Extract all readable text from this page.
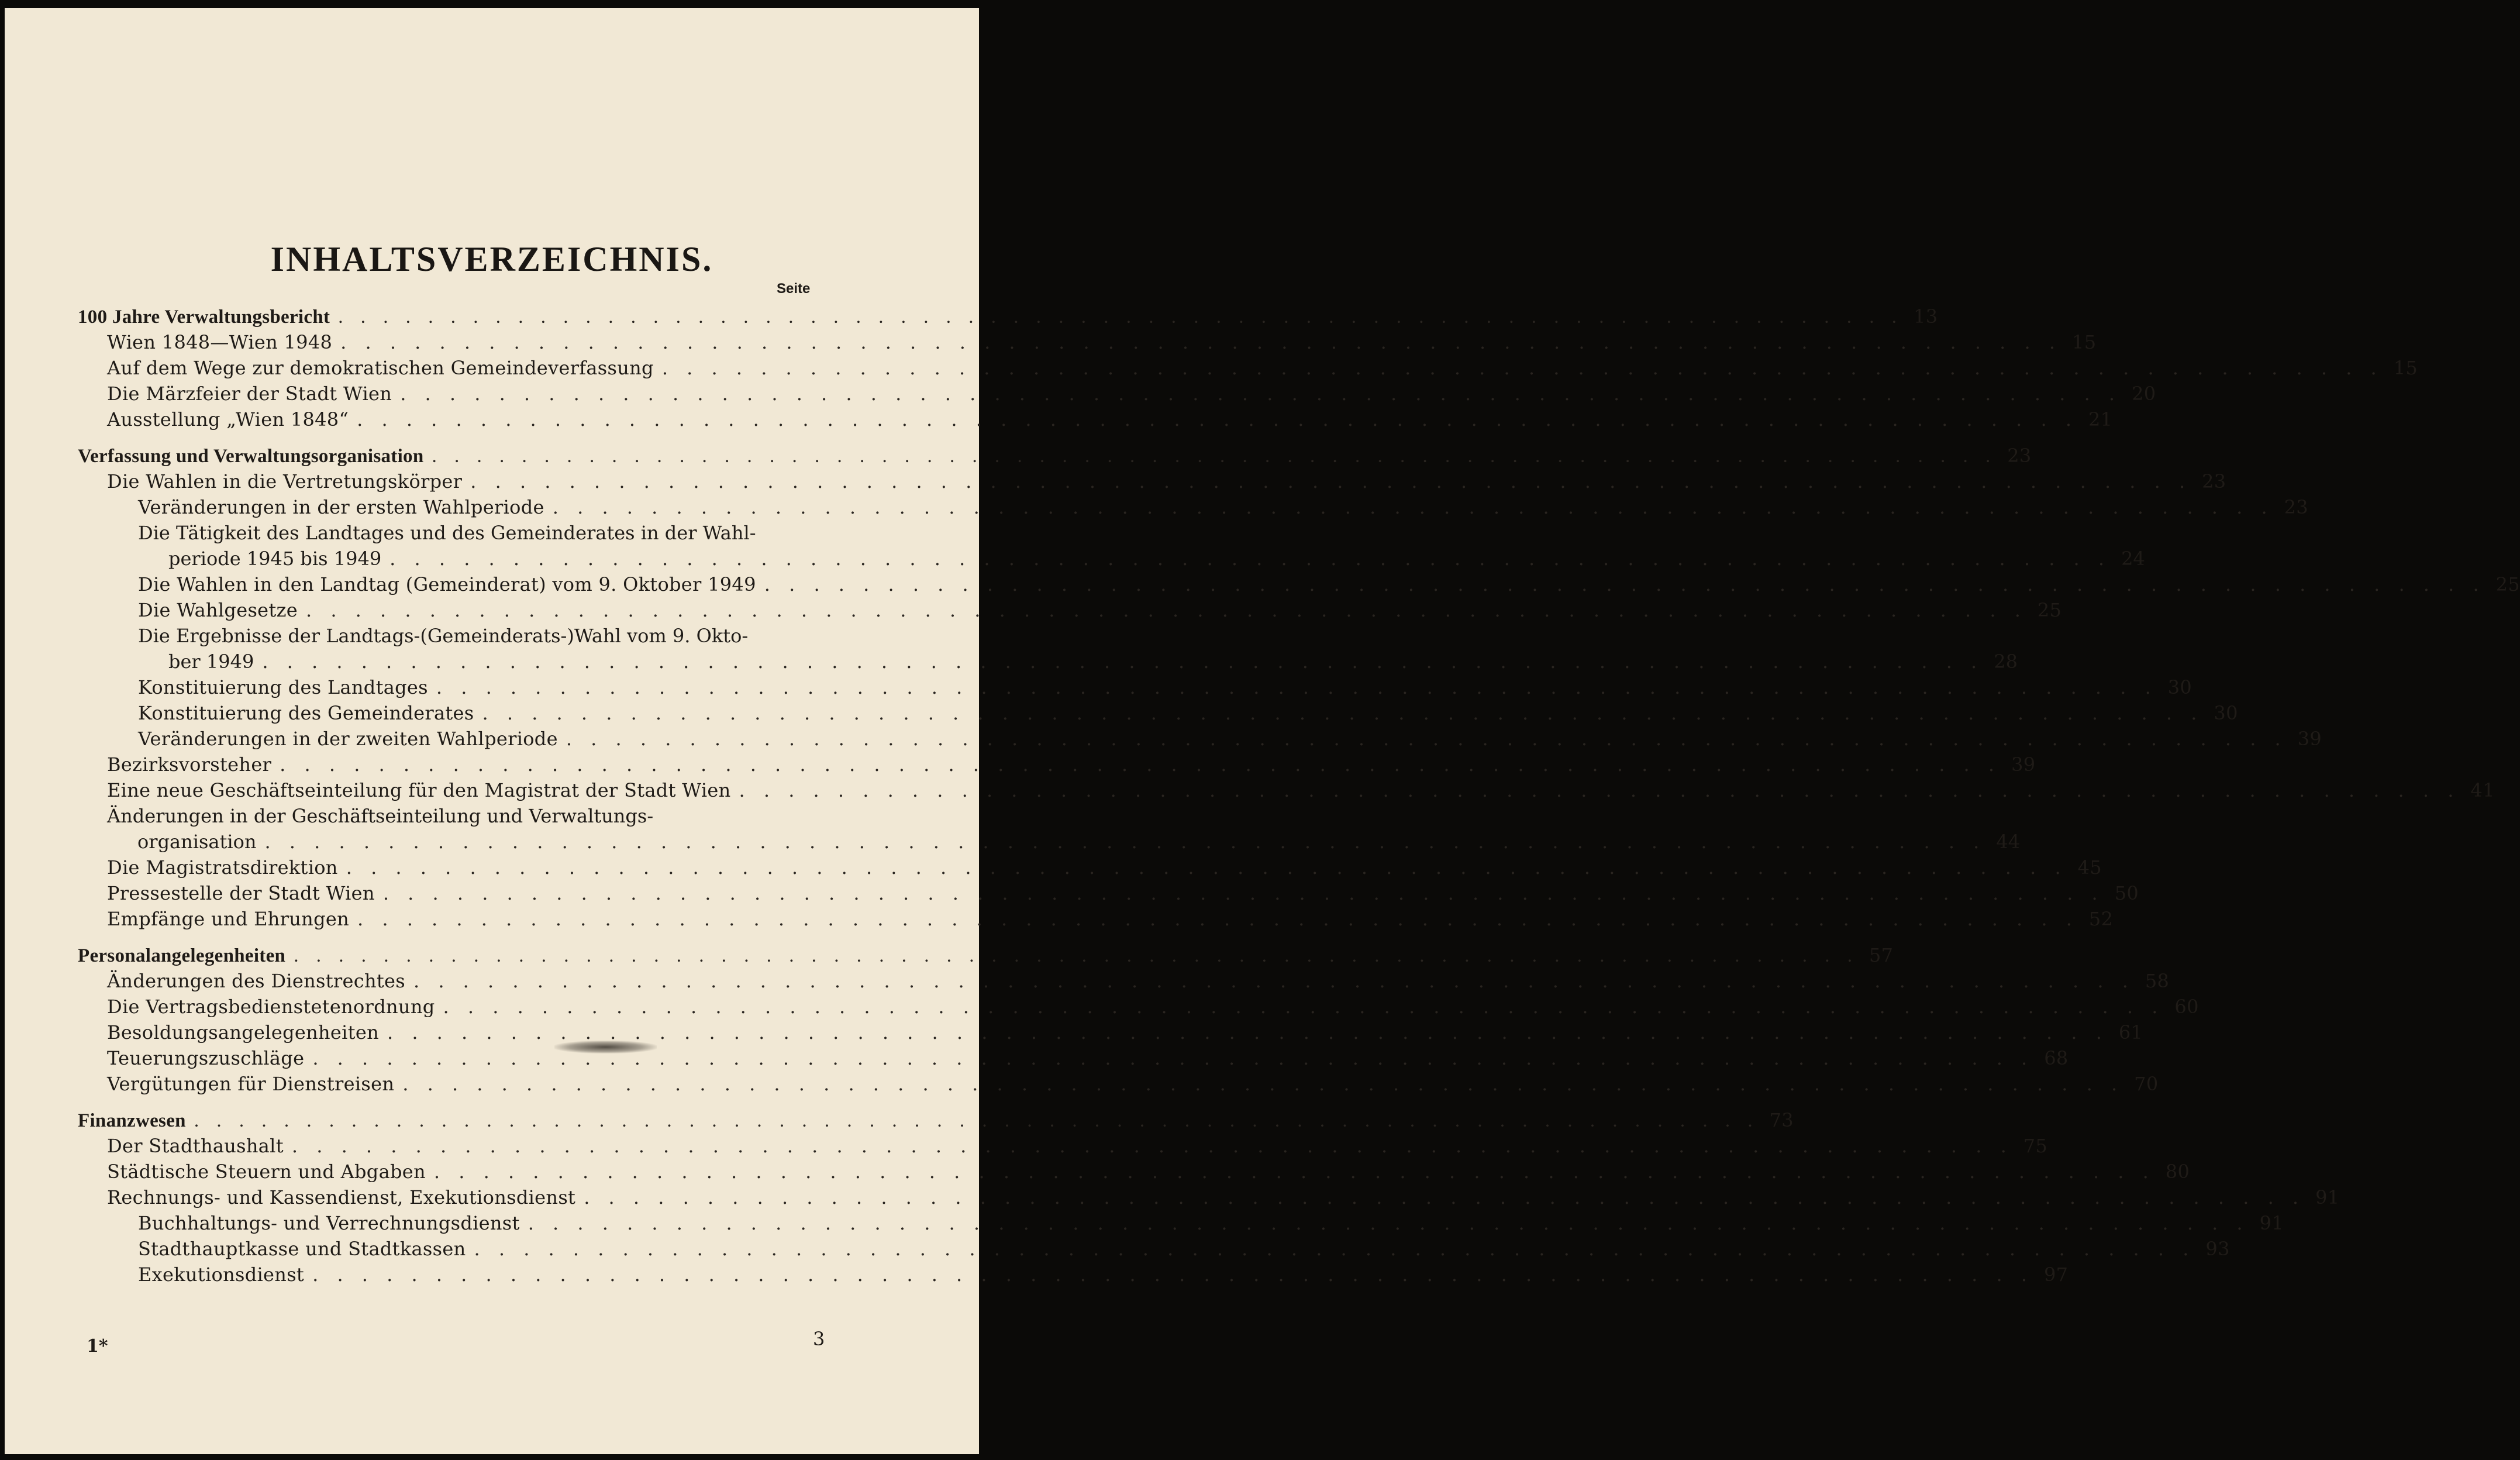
INHALTSVERZEICHNIS.
Seite
100 Jahre Verwaltungsbericht . . .	13
Wien 1848—Wien 1948 . . .	15
Auf dem Wege zur demokratischen Gemeindeverfassung . . .	15
Die Märzfeier der Stadt Wien . . .	20
Ausstellung „Wien 1848“ . . .	21
Verfassung und Verwaltungsorganisation . . .	23
Die Wahlen in die Vertretungskörper . . .	23
Veränderungen in der ersten Wahlperiode . . .	23
Die Tätigkeit des Landtages und des Gemeinderates in der Wahl-
periode 1945 bis 1949 . . .	24
Die Wahlen in den Landtag (Gemeinderat) vom 9. Oktober 1949 . . .	25
Die Wahlgesetze . . .	25
Die Ergebnisse der Landtags-(Gemeinderats-)Wahl vom 9. Okto-
ber 1949 . . .	28
Konstituierung des Landtages . . .	30
Konstituierung des Gemeinderates . . .	30
Veränderungen in der zweiten Wahlperiode . . .	39
Bezirksvorsteher . . .	39
Eine neue Geschäftseinteilung für den Magistrat der Stadt Wien . . .	41
Änderungen in der Geschäftseinteilung und Verwaltungs-
organisation . . .	44
Die Magistratsdirektion . . .	45
Pressestelle der Stadt Wien . . .	50
Empfänge und Ehrungen . . .	52
Personalangelegenheiten . . .	57
Änderungen des Dienstrechtes . . .	58
Die Vertragsbedienstetenordnung . . .	60
Besoldungsangelegenheiten . . .	61
Teuerungszuschläge . . .	68
Vergütungen für Dienstreisen . . .	70
Finanzwesen . . .	73
Der Stadthaushalt . . .	75
Städtische Steuern und Abgaben . . .	80
Rechnungs- und Kassendienst, Exekutionsdienst . . .	91
Buchhaltungs- und Verrechnungsdienst . . .	91
Stadthauptkasse und Stadtkassen . . .	93
Exekutionsdienst . . .	97
1*	3
